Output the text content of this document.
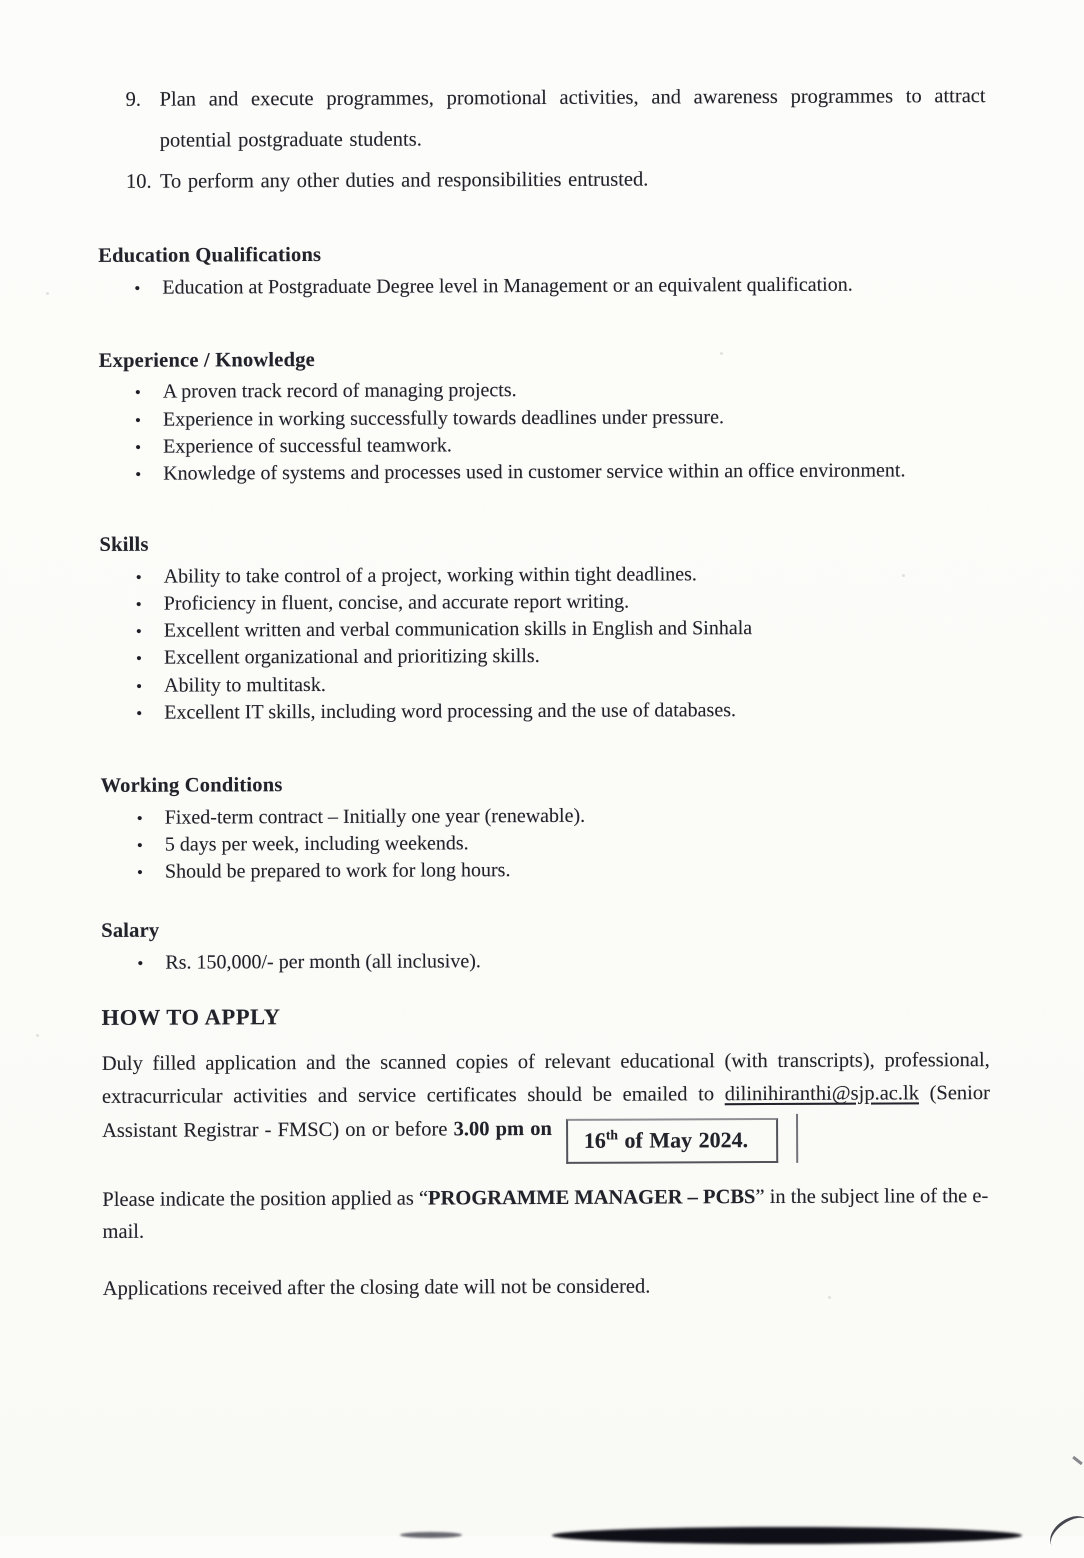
9. Plan and execute programmes, promotional activities, and awareness programmes to attract potential postgraduate students.
10. To perform any other duties and responsibilities entrusted.
Education Qualifications
•	Education at Postgraduate Degree level in Management or an equivalent qualification.
Experience / Knowledge
•	A proven track record of managing projects.
•	Experience in working successfully towards deadlines under pressure.
•	Experience of successful teamwork.
•	Knowledge of systems and processes used in customer service within an office environment.
Skills
•	Ability to take control of a project, working within tight deadlines.
•	Proficiency in fluent, concise, and accurate report writing.
•	Excellent written and verbal communication skills in English and Sinhala
•	Excellent organizational and prioritizing skills.
•	Ability to multitask.
•	Excellent IT skills, including word processing and the use of databases.
Working Conditions
•	Fixed-term contract – Initially one year (renewable).
•	5 days per week, including weekends.
•	Should be prepared to work for long hours.
Salary
•	Rs. 150,000/- per month (all inclusive).
HOW TO APPLY

Duly filled application and the scanned copies of relevant educational (with transcripts), professional, extracurricular activities and service certificates should be emailed to dilinihiranthi@sjp.ac.lk (Senior Assistant Registrar - FMSC) on or before 3.00 pm on 16th of May 2024.

Please indicate the position applied as “PROGRAMME MANAGER – PCBS” in the subject line of the e-mail.

Applications received after the closing date will not be considered.
